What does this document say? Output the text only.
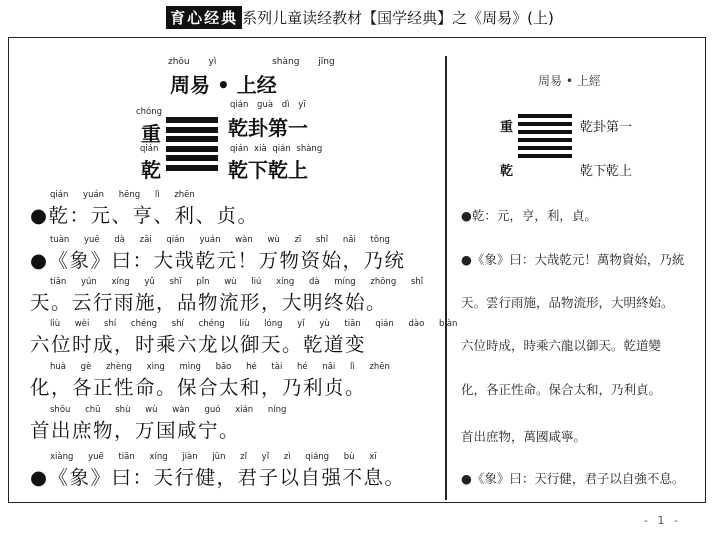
育心经典 系列儿童读经教材【国学经典】之《周易》(上)
zhōu yì	shàng jīng
周易 • 上经
chóng
重
qián
乾
qián guà dì yī
乾卦第一
qián xià qián shàng
乾下乾上
qián yuán hēng lì zhēn
●乾：元、亨、利、贞。
tuàn yuē dà zāi qián yuán wàn wù zī shǐ nǎi tǒng
●《象》曰：大哉乾元！万物资始，乃统
tiān yún xíng yǔ shī pǐn wù liú xíng dà míng zhōng shǐ
天。云行雨施，品物流形，大明终始。
liù wèi shí chéng shí chéng liù lóng yǐ yù tiān qián dào biàn
六位时成，时乘六龙以御天。乾道变
huà gè zhèng xìng mìng bǎo hé tài hé nǎi lì zhēn
化，各正性命。保合太和，乃利贞。
shǒu chū shù wù wàn guó xián níng
首出庶物，万国咸宁。
xiàng yuē tiān xíng jiàn jūn zǐ yǐ zì qiáng bù xī
●《象》曰：天行健，君子以自强不息。
周易 • 上經
重
乾
乾卦第一
乾下乾上
●乾：元，亨，利，貞。
●《象》曰：大哉乾元！萬物資始，乃統
天。雲行雨施，品物流形，大明終始。
六位時成，時乘六龍以御天。乾道變
化，各正性命。保合太和，乃利貞。
首出庶物，萬國咸寧。
●《象》曰：天行健，君子以自強不息。
- 1 -
